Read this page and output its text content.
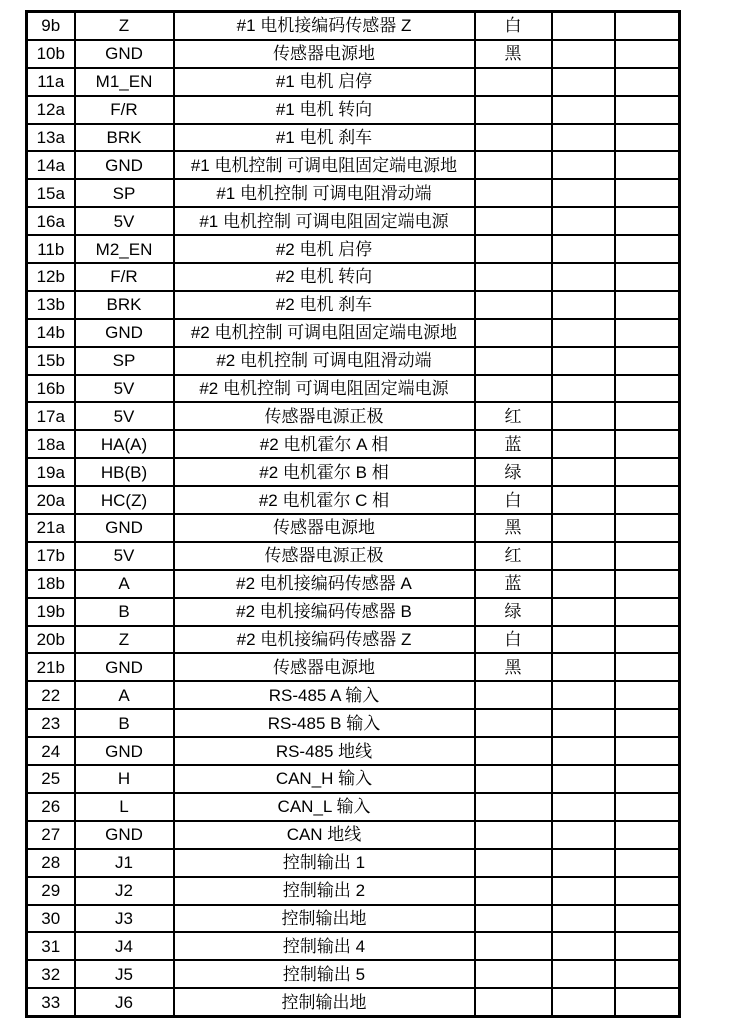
9b	Z	#1 电机接编码传感器 Z	白		
10b	GND	传感器电源地	黑		
11a	M1_EN	#1 电机 启停			
12a	F/R	#1 电机 转向			
13a	BRK	#1 电机 刹车			
14a	GND	#1 电机控制 可调电阻固定端电源地			
15a	SP	#1 电机控制 可调电阻滑动端			
16a	5V	#1 电机控制 可调电阻固定端电源			
11b	M2_EN	#2 电机 启停			
12b	F/R	#2 电机 转向			
13b	BRK	#2 电机 刹车			
14b	GND	#2 电机控制 可调电阻固定端电源地			
15b	SP	#2 电机控制 可调电阻滑动端			
16b	5V	#2 电机控制 可调电阻固定端电源			
17a	5V	传感器电源正极	红		
18a	HA(A)	#2 电机霍尔 A 相	蓝		
19a	HB(B)	#2 电机霍尔 B 相	绿		
20a	HC(Z)	#2 电机霍尔 C 相	白		
21a	GND	传感器电源地	黑		
17b	5V	传感器电源正极	红		
18b	A	#2 电机接编码传感器 A	蓝		
19b	B	#2 电机接编码传感器 B	绿		
20b	Z	#2 电机接编码传感器 Z	白		
21b	GND	传感器电源地	黑		
22	A	RS-485 A 输入			
23	B	RS-485 B 输入			
24	GND	RS-485 地线			
25	H	CAN_H 输入			
26	L	CAN_L 输入			
27	GND	CAN 地线			
28	J1	控制输出 1			
29	J2	控制输出 2			
30	J3	控制输出地			
31	J4	控制输出 4			
32	J5	控制输出 5			
33	J6	控制输出地			
